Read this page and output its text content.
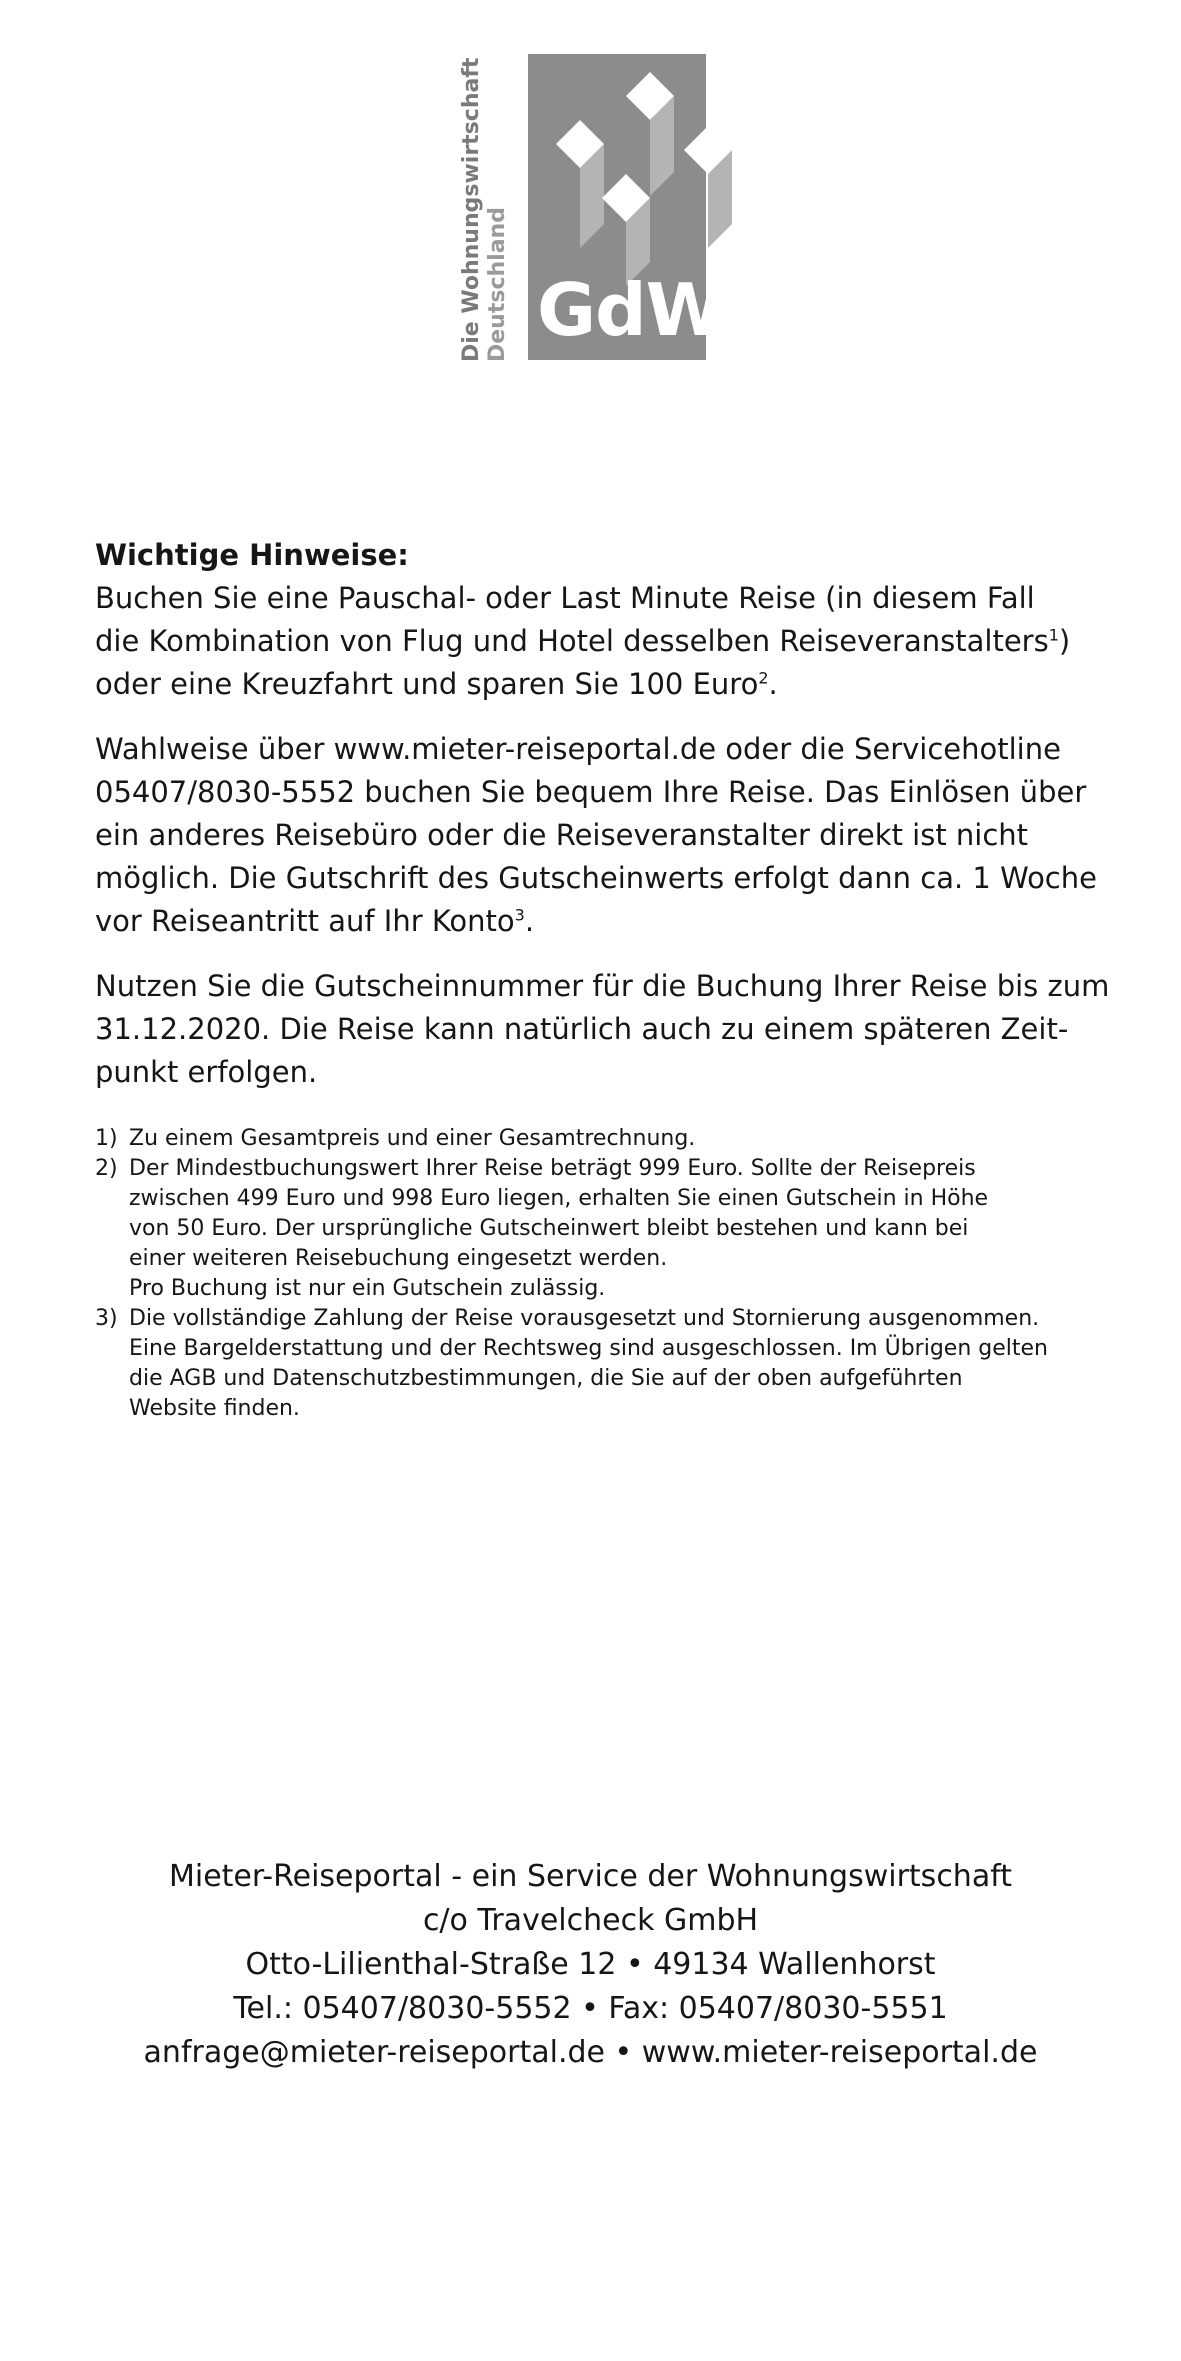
GdW
Die Wohnungswirtschaft Deutschland
Wichtige Hinweise:
Buchen Sie eine Pauschal- oder Last Minute Reise (in diesem Fall
die Kombination von Flug und Hotel desselben Reiseveranstalters$^1$)
oder eine Kreuzfahrt und sparen Sie 100 Euro$^2$.
Wahlweise über www.mieter-reiseportal.de oder die Servicehotline
05407/8030-5552 buchen Sie bequem Ihre Reise. Das Einlösen über
ein anderes Reisebüro oder die Reiseveranstalter direkt ist nicht
möglich. Die Gutschrift des Gutscheinwerts erfolgt dann ca. 1 Woche
vor Reiseantritt auf Ihr Konto$^3$.
Nutzen Sie die Gutscheinnummer für die Buchung Ihrer Reise bis zum
31.12.2020. Die Reise kann natürlich auch zu einem späteren Zeit-
punkt erfolgen.
1) Zu einem Gesamtpreis und einer Gesamtrechnung.
2) Der Mindestbuchungswert Ihrer Reise beträgt 999 Euro. Sollte der Reisepreis
zwischen 499 Euro und 998 Euro liegen, erhalten Sie einen Gutschein in Höhe
von 50 Euro. Der ursprüngliche Gutscheinwert bleibt bestehen und kann bei
einer weiteren Reisebuchung eingesetzt werden.
Pro Buchung ist nur ein Gutschein zulässig.
3) Die vollständige Zahlung der Reise vorausgesetzt und Stornierung ausgenommen.
Eine Bargelderstattung und der Rechtsweg sind ausgeschlossen. Im Übrigen gelten
die AGB und Datenschutzbestimmungen, die Sie auf der oben aufgeführten
Website finden.
Mieter-Reiseportal - ein Service der Wohnungswirtschaft
c/o Travelcheck GmbH
Otto-Lilienthal-Straße 12 • 49134 Wallenhorst
Tel.: 05407/8030-5552 • Fax: 05407/8030-5551
anfrage@mieter-reiseportal.de • www.mieter-reiseportal.de
